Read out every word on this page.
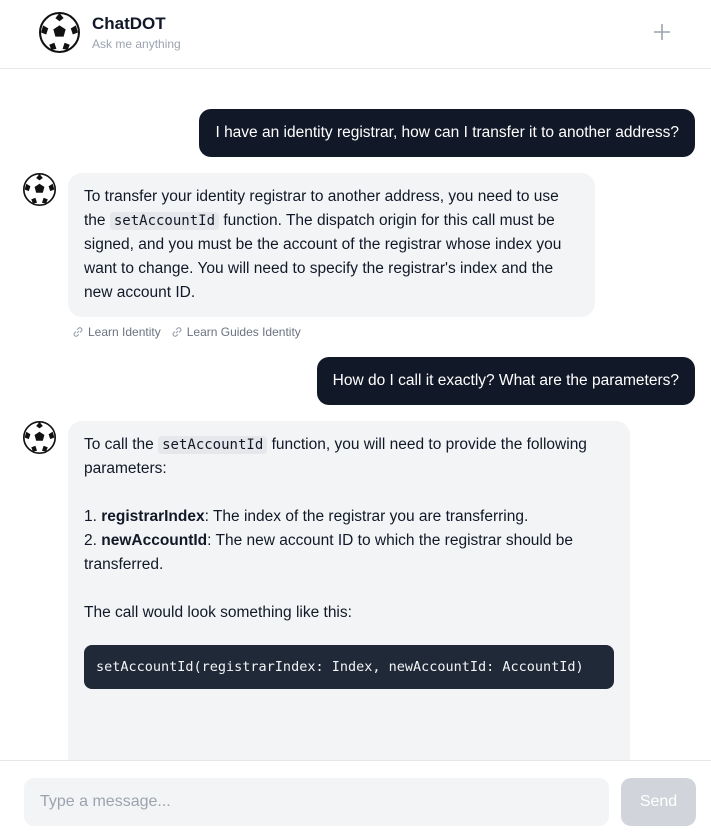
ChatDOT
Ask me anything
I have an identity registrar, how can I transfer it to another address?

To transfer your identity registrar to another address, you need to use the setAccountId function. The dispatch origin for this call must be signed, and you must be the account of the registrar whose index you want to change. You will need to specify the registrar's index and the new account ID.

Learn Identity Learn Guides Identity
How do I call it exactly? What are the parameters?

To call the setAccountId function, you will need to provide the following parameters:

1. registrarIndex: The index of the registrar you are transferring.

2. newAccountId: The new account ID to which the registrar should be transferred.

The call would look something like this:

setAccountId(registrarIndex: Index, newAccountId: AccountId)
Type a message...
Send
